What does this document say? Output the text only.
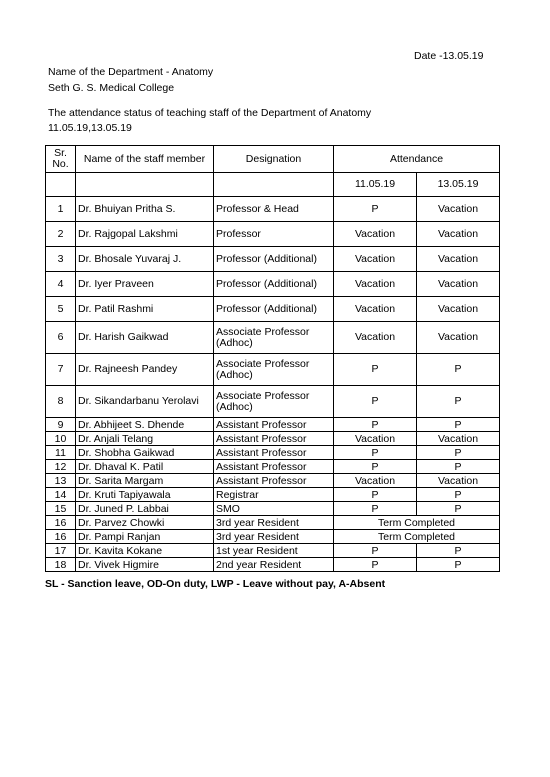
Date -13.05.19
Name of the Department - Anatomy
Seth G. S. Medical College
The attendance status of teaching staff of the Department of Anatomy
11.05.19,13.05.19
Sr. No.	Name of the staff member	Designation	Attendance	
			11.05.19	13.05.19
1	Dr. Bhuiyan Pritha S.	Professor & Head	P	Vacation
2	Dr. Rajgopal Lakshmi	Professor	Vacation	Vacation
3	Dr. Bhosale Yuvaraj J.	Professor (Additional)	Vacation	Vacation
4	Dr. Iyer Praveen	Professor (Additional)	Vacation	Vacation
5	Dr. Patil Rashmi	Professor (Additional)	Vacation	Vacation
6	Dr. Harish Gaikwad	Associate Professor (Adhoc)	Vacation	Vacation
7	Dr. Rajneesh Pandey	Associate Professor (Adhoc)	P	P
8	Dr. Sikandarbanu Yerolavi	Associate Professor (Adhoc)	P	P
9	Dr. Abhijeet S. Dhende	Assistant Professor	P	P
10	Dr. Anjali Telang	Assistant Professor	Vacation	Vacation
11	Dr. Shobha Gaikwad	Assistant Professor	P	P
12	Dr. Dhaval K. Patil	Assistant Professor	P	P
13	Dr. Sarita Margam	Assistant Professor	Vacation	Vacation
14	Dr. Kruti Tapiyawala	Registrar	P	P
15	Dr. Juned P. Labbai	SMO	P	P
16	Dr. Parvez Chowki	3rd year Resident	Term Completed	
16	Dr. Pampi Ranjan	3rd year Resident	Term Completed	
17	Dr. Kavita Kokane	1st year Resident	P	P
18	Dr. Vivek Higmire	2nd year Resident	P	P
SL - Sanction leave, OD-On duty, LWP - Leave without pay, A-Absent
